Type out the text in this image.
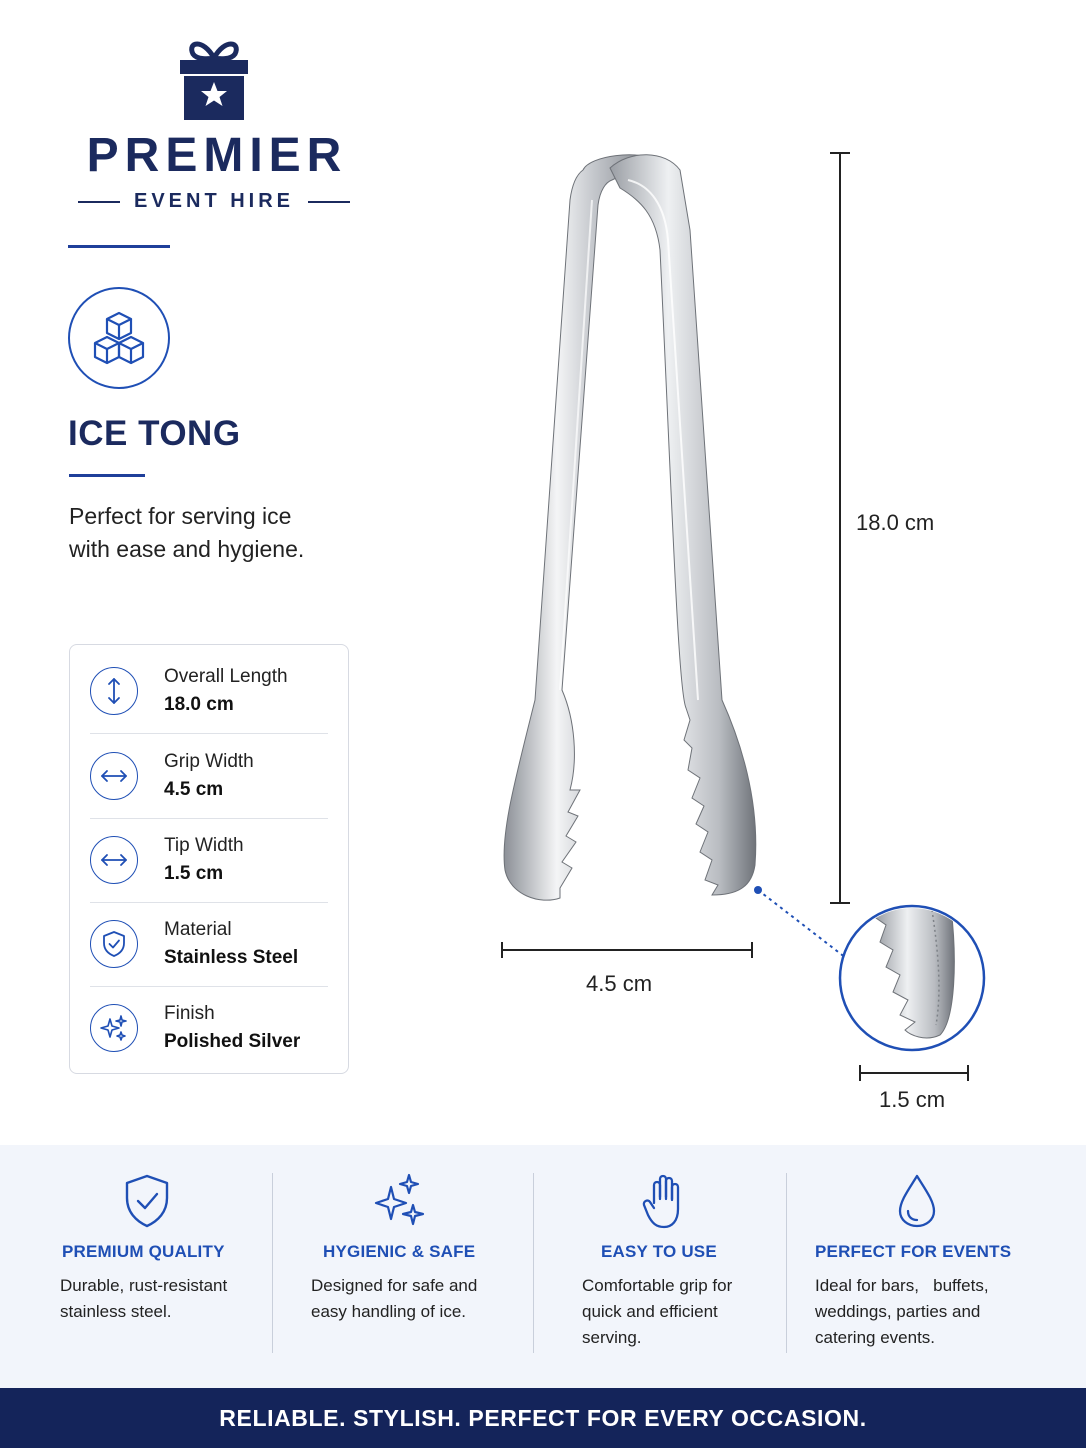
PREMIER
EVENT HIRE
ICE TONG

Perfect for serving ice with ease and hygiene.

Overall Length
18.0 cm
Grip Width
4.5 cm
Tip Width
1.5 cm
Material
Stainless Steel
Finish
Polished Silver
18.0 cm
4.5 cm
1.5 cm
PREMIUM QUALITY
Durable, rust-resistant stainless steel.
HYGIENIC & SAFE
Designed for safe and easy handling of ice.
EASY TO USE
Comfortable grip for quick and efficient serving.
PERFECT FOR EVENTS
Ideal for bars,   buffets, weddings, parties and catering events.
RELIABLE. STYLISH. PERFECT FOR EVERY OCCASION.
